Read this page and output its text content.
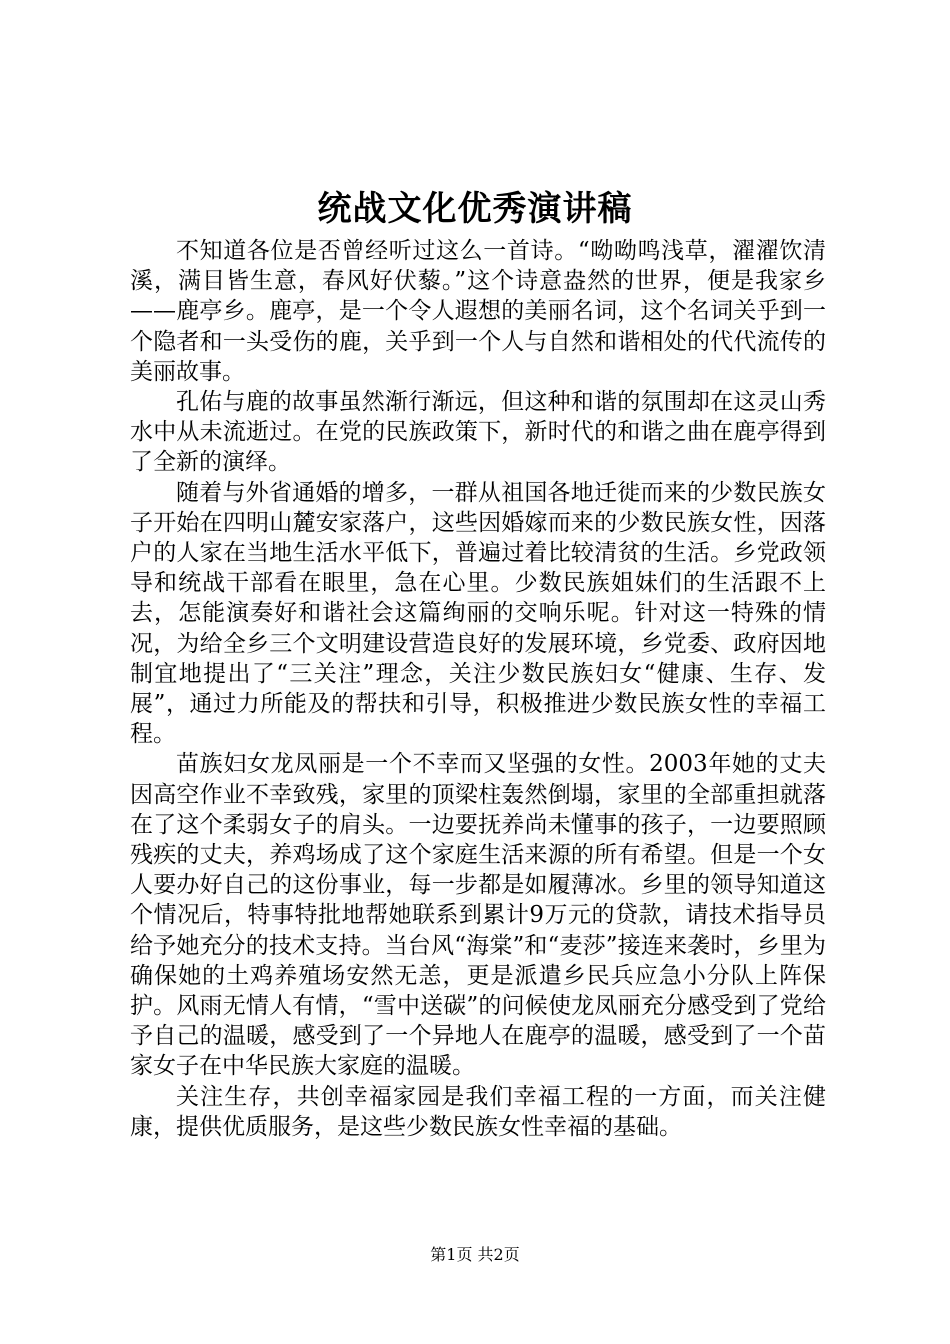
统战文化优秀演讲稿

不知道各位是否曾经听过这么一首诗。“呦呦鸣浅草，濯濯饮清溪，满目皆生意，春风好伏藜。”这个诗意盎然的世界，便是我家乡——鹿亭乡。鹿亭，是一个令人遐想的美丽名词，这个名词关乎到一个隐者和一头受伤的鹿，关乎到一个人与自然和谐相处的代代流传的美丽故事。

孔佑与鹿的故事虽然渐行渐远，但这种和谐的氛围却在这灵山秀水中从未流逝过。在党的民族政策下，新时代的和谐之曲在鹿亭得到了全新的演绎。

随着与外省通婚的增多，一群从祖国各地迁徙而来的少数民族女子开始在四明山麓安家落户，这些因婚嫁而来的少数民族女性，因落户的人家在当地生活水平低下，普遍过着比较清贫的生活。乡党政领导和统战干部看在眼里，急在心里。少数民族姐妹们的生活跟不上去，怎能演奏好和谐社会这篇绚丽的交响乐呢。针对这一特殊的情况，为给全乡三个文明建设营造良好的发展环境，乡党委、政府因地制宜地提出了“三关注”理念，关注少数民族妇女“健康、生存、发展”，通过力所能及的帮扶和引导，积极推进少数民族女性的幸福工程。

苗族妇女龙凤丽是一个不幸而又坚强的女性。2003年她的丈夫因高空作业不幸致残，家里的顶梁柱轰然倒塌，家里的全部重担就落在了这个柔弱女子的肩头。一边要抚养尚未懂事的孩子，一边要照顾残疾的丈夫，养鸡场成了这个家庭生活来源的所有希望。但是一个女人要办好自己的这份事业，每一步都是如履薄冰。乡里的领导知道这个情况后，特事特批地帮她联系到累计9万元的贷款，请技术指导员给予她充分的技术支持。当台风“海棠”和“麦莎”接连来袭时，乡里为确保她的土鸡养殖场安然无恙，更是派遣乡民兵应急小分队上阵保护。风雨无情人有情，“雪中送碳”的问候使龙凤丽充分感受到了党给予自己的温暖，感受到了一个异地人在鹿亭的温暖，感受到了一个苗家女子在中华民族大家庭的温暖。

关注生存，共创幸福家园是我们幸福工程的一方面，而关注健康，提供优质服务，是这些少数民族女性幸福的基础。

第1页 共2页
